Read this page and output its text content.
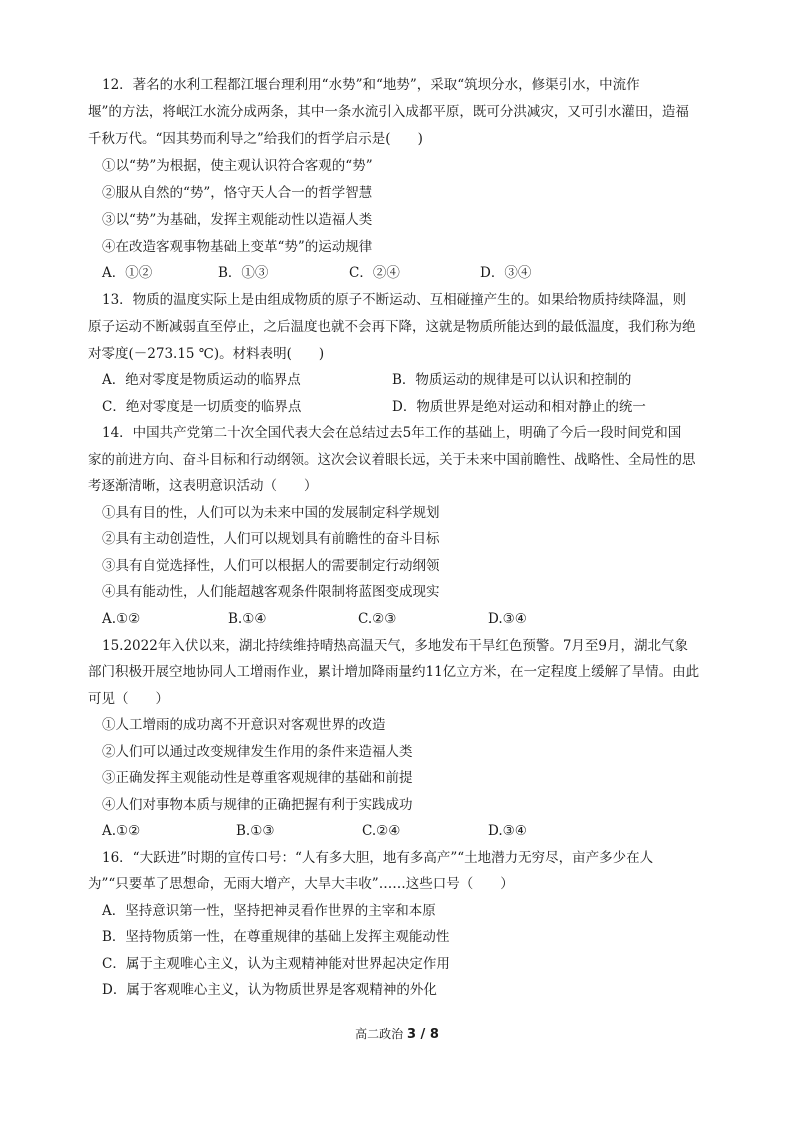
12．著名的水利工程都江堰台理利用“水势”和“地势”，采取“筑坝分水，修渠引水，中流作
堰”的方法，将岷江水流分成两条，其中一条水流引入成都平原，既可分洪减灾，又可引水灌田，造福
千秋万代。“因其势而利导之”给我们的哲学启示是(　　)
①以“势”为根据，使主观认识符合客观的“势”
②服从自然的“势”，恪守天人合一的哲学智慧
③以“势”为基础，发挥主观能动性以造福人类
④在改造客观事物基础上变革“势”的运动规律
A．①②	B．①③	C．②④	D．③④
13．物质的温度实际上是由组成物质的原子不断运动、互相碰撞产生的。如果给物质持续降温，则
原子运动不断减弱直至停止，之后温度也就不会再下降，这就是物质所能达到的最低温度，我们称为绝
对零度(－273.15 ℃)。材料表明(　　)
A．绝对零度是物质运动的临界点	B．物质运动的规律是可以认识和控制的
C．绝对零度是一切质变的临界点	D．物质世界是绝对运动和相对静止的统一
14．中国共产党第二十次全国代表大会在总结过去5年工作的基础上，明确了今后一段时间党和国
家的前进方向、奋斗目标和行动纲领。这次会议着眼长远，关于未来中国前瞻性、战略性、全局性的思
考逐渐清晰，这表明意识活动（　　）
①具有目的性，人们可以为未来中国的发展制定科学规划
②具有主动创造性，人们可以规划具有前瞻性的奋斗目标
③具有自觉选择性，人们可以根据人的需要制定行动纲领
④具有能动性，人们能超越客观条件限制将蓝图变成现实
A.①②	B.①④	C.②③	D.③④
15.2022年入伏以来，湖北持续维持晴热高温天气，多地发布干旱红色预警。7月至9月，湖北气象
部门积极开展空地协同人工增雨作业，累计增加降雨量约11亿立方米，在一定程度上缓解了旱情。由此
可见（　　）
①人工增雨的成功离不开意识对客观世界的改造
②人们可以通过改变规律发生作用的条件来造福人类
③正确发挥主观能动性是尊重客观规律的基础和前提
④人们对事物本质与规律的正确把握有利于实践成功
A.①②	B.①③	C.②④	D.③④
16．“大跃进”时期的宣传口号：“人有多大胆，地有多高产”“土地潜力无穷尽，亩产多少在人
为”“只要革了思想命，无雨大增产，大旱大丰收”……这些口号（　　）
A．坚持意识第一性，坚持把神灵看作世界的主宰和本原
B．坚持物质第一性，在尊重规律的基础上发挥主观能动性
C．属于主观唯心主义，认为主观精神能对世界起决定作用
D．属于客观唯心主义，认为物质世界是客观精神的外化
高二政治 3 / 8
